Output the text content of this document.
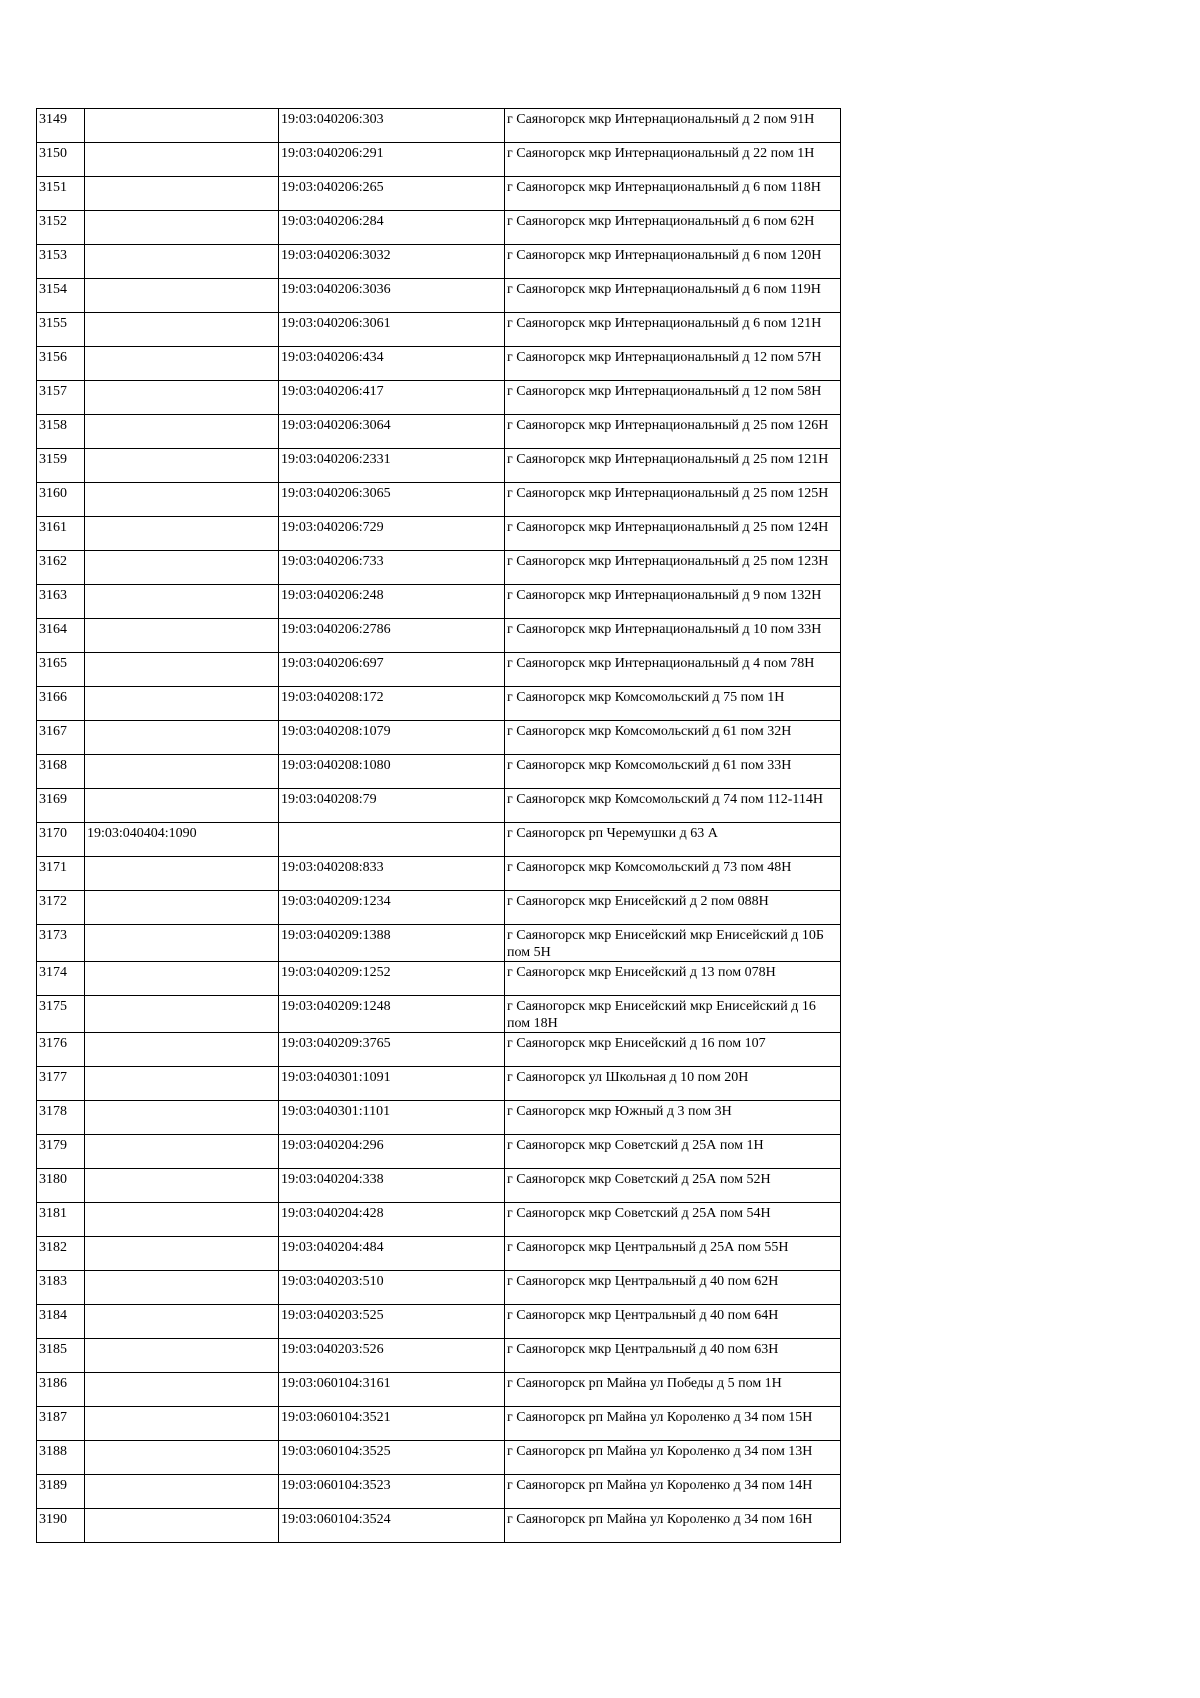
3149		19:03:040206:303	г Саяногорск мкр Интернациональный д 2 пом 91Н
3150		19:03:040206:291	г Саяногорск мкр Интернациональный д 22 пом 1Н
3151		19:03:040206:265	г Саяногорск мкр Интернациональный д 6 пом 118Н
3152		19:03:040206:284	г Саяногорск мкр Интернациональный д 6 пом 62Н
3153		19:03:040206:3032	г Саяногорск мкр Интернациональный д 6 пом 120Н
3154		19:03:040206:3036	г Саяногорск мкр Интернациональный д 6 пом 119Н
3155		19:03:040206:3061	г Саяногорск мкр Интернациональный д 6 пом 121Н
3156		19:03:040206:434	г Саяногорск мкр Интернациональный д 12 пом 57Н
3157		19:03:040206:417	г Саяногорск мкр Интернациональный д 12 пом 58Н
3158		19:03:040206:3064	г Саяногорск мкр Интернациональный д 25 пом 126Н
3159		19:03:040206:2331	г Саяногорск мкр Интернациональный д 25 пом 121Н
3160		19:03:040206:3065	г Саяногорск мкр Интернациональный д 25 пом 125Н
3161		19:03:040206:729	г Саяногорск мкр Интернациональный д 25 пом 124Н
3162		19:03:040206:733	г Саяногорск мкр Интернациональный д 25 пом 123Н
3163		19:03:040206:248	г Саяногорск мкр Интернациональный д 9 пом 132Н
3164		19:03:040206:2786	г Саяногорск мкр Интернациональный д 10 пом 33Н
3165		19:03:040206:697	г Саяногорск мкр Интернациональный д 4 пом 78Н
3166		19:03:040208:172	г Саяногорск мкр Комсомольский д 75 пом 1Н
3167		19:03:040208:1079	г Саяногорск мкр Комсомольский д 61 пом 32Н
3168		19:03:040208:1080	г Саяногорск мкр Комсомольский д 61 пом 33Н
3169		19:03:040208:79	г Саяногорск мкр Комсомольский д 74 пом 112-114Н
3170	19:03:040404:1090		г Саяногорск рп Черемушки д 63 А
3171		19:03:040208:833	г Саяногорск мкр Комсомольский д 73 пом 48Н
3172		19:03:040209:1234	г Саяногорск мкр Енисейский д 2 пом 088Н
3173		19:03:040209:1388	г Саяногорск мкр Енисейский мкр Енисейский д 10Б пом 5Н
3174		19:03:040209:1252	г Саяногорск мкр Енисейский д 13 пом 078Н
3175		19:03:040209:1248	г Саяногорск мкр Енисейский мкр Енисейский д 16 пом 18Н
3176		19:03:040209:3765	г Саяногорск мкр Енисейский д 16 пом 107
3177		19:03:040301:1091	г Саяногорск ул Школьная д 10 пом 20Н
3178		19:03:040301:1101	г Саяногорск мкр Южный д 3 пом 3Н
3179		19:03:040204:296	г Саяногорск мкр Советский д 25А пом 1Н
3180		19:03:040204:338	г Саяногорск мкр Советский д 25А пом 52Н
3181		19:03:040204:428	г Саяногорск мкр Советский д 25А пом 54Н
3182		19:03:040204:484	г Саяногорск мкр Центральный д 25А пом 55Н
3183		19:03:040203:510	г Саяногорск мкр Центральный д 40 пом 62Н
3184		19:03:040203:525	г Саяногорск мкр Центральный д 40 пом 64Н
3185		19:03:040203:526	г Саяногорск мкр Центральный д 40 пом 63Н
3186		19:03:060104:3161	г Саяногорск рп Майна ул Победы д 5 пом 1Н
3187		19:03:060104:3521	г Саяногорск рп Майна ул Короленко д 34 пом 15Н
3188		19:03:060104:3525	г Саяногорск рп Майна ул Короленко д 34 пом 13Н
3189		19:03:060104:3523	г Саяногорск рп Майна ул Короленко д 34 пом 14Н
3190		19:03:060104:3524	г Саяногорск рп Майна ул Короленко д 34 пом 16Н
